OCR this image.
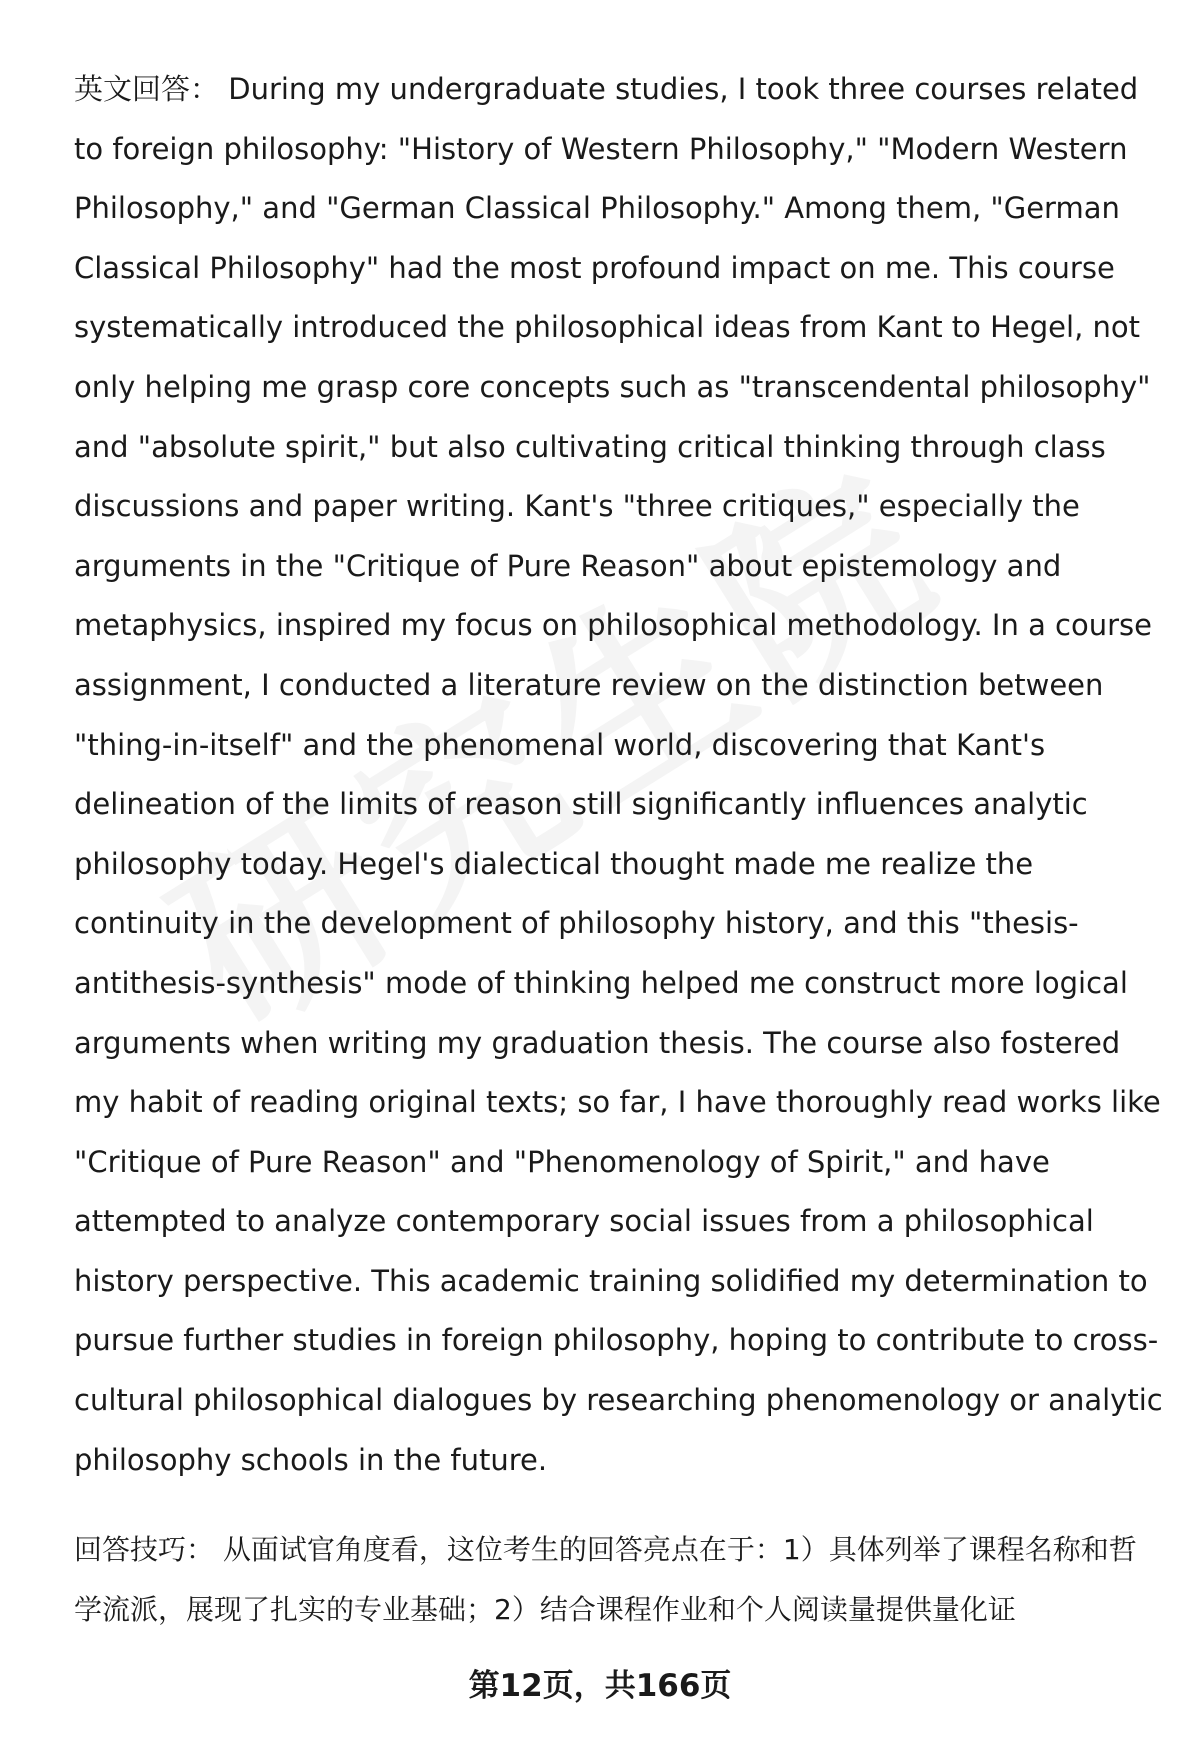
英文回答： During my undergraduate studies, I took three courses related to foreign philosophy: "History of Western Philosophy," "Modern Western Philosophy," and "German Classical Philosophy." Among them, "German Classical Philosophy" had the most profound impact on me. This course systematically introduced the philosophical ideas from Kant to Hegel, not only helping me grasp core concepts such as "transcendental philosophy" and "absolute spirit," but also cultivating critical thinking through class discussions and paper writing. Kant's "three critiques," especially the arguments in the "Critique of Pure Reason" about epistemology and metaphysics, inspired my focus on philosophical methodology. In a course assignment, I conducted a literature review on the distinction between "thing-in-itself" and the phenomenal world, discovering that Kant's delineation of the limits of reason still significantly influences analytic philosophy today. Hegel's dialectical thought made me realize the continuity in the development of philosophy history, and this "thesis-antithesis-synthesis" mode of thinking helped me construct more logical arguments when writing my graduation thesis. The course also fostered my habit of reading original texts; so far, I have thoroughly read works like "Critique of Pure Reason" and "Phenomenology of Spirit," and have attempted to analyze contemporary social issues from a philosophical history perspective. This academic training solidified my determination to pursue further studies in foreign philosophy, hoping to contribute to cross-cultural philosophical dialogues by researching phenomenology or analytic philosophy schools in the future.

回答技巧： 从面试官角度看，这位考生的回答亮点在于：1）具体列举了课程名称和哲学流派，展现了扎实的专业基础；2）结合课程作业和个人阅读量提供量化证

第12页，共166页
